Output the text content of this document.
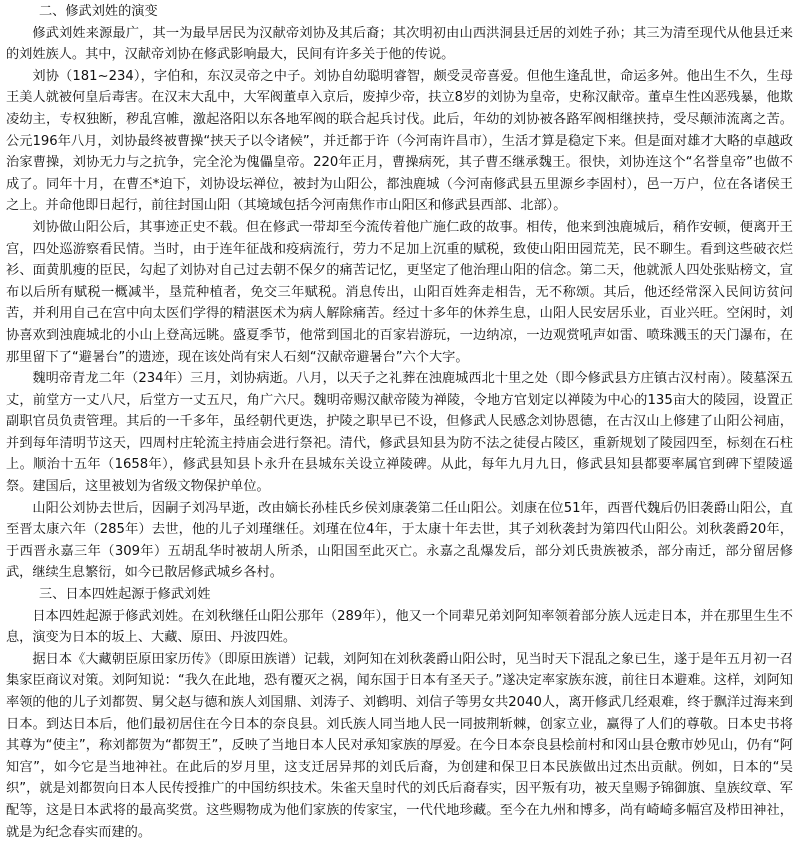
二、修武刘姓的演变

修武刘姓来源最广，其一为最早居民为汉献帝刘协及其后裔；其次明初由山西洪洞县迁居的刘姓子孙；其三为清至现代从他县迁来的刘姓族人。其中，汉献帝刘协在修武影响最大，民间有许多关于他的传说。

刘协（181~234），字伯和，东汉灵帝之中子。刘协自幼聪明睿智，颇受灵帝喜爱。但他生逢乱世，命运多舛。他出生不久，生母王美人就被何皇后毒害。在汉末大乱中，大军阀董卓入京后，废掉少帝，扶立8岁的刘协为皇帝，史称汉献帝。董卓生性凶恶残暴，他欺凌幼主，专权独断，秽乱宫帷，激起洛阳以东各地军阀的联合起兵讨伐。此后，年幼的刘协被各路军阀相继挟持，受尽颠沛流离之苦。公元196年八月，刘协最终被曹操“挟天子以令诸候”，并迁都于许（今河南许昌市），生活才算是稳定下来。但是面对雄才大略的卓越政治家曹操，刘协无力与之抗争，完全沦为傀儡皇帝。220年正月，曹操病死，其子曹丕继承魏王。很快，刘协连这个“名誉皇帝”也做不成了。同年十月，在曹丕*迫下，刘协设坛禅位，被封为山阳公，都浊鹿城（今河南修武县五里源乡李固村），邑一万户，位在各诸侯王之上。并命他即日起行，前往封国山阳（其境域包括今河南焦作市山阳区和修武县西部、北部）。

刘协做山阳公后，其事迹正史不载。但在修武一带却至今流传着他广施仁政的故事。相传，他来到浊鹿城后，稍作安顿，便离开王宫，四处巡游察看民情。当时，由于连年征战和疫病流行，劳力不足加上沉重的赋税，致使山阳田园荒芜，民不聊生。看到这些破衣烂衫、面黄肌瘦的臣民，勾起了刘协对自己过去朝不保夕的痛苦记忆，更坚定了他治理山阳的信念。第二天，他就派人四处张贴榜文，宣布以后所有赋税一概减半，垦荒种植者，免交三年赋税。消息传出，山阳百姓奔走相告，无不称颂。其后，他还经常深入民间访贫问苦，并利用自己在宫中向太医们学得的精湛医术为病人解除痛苦。经过十多年的休养生息，山阳人民安居乐业，百业兴旺。空闲时，刘协喜欢到浊鹿城北的小山上登高远眺。盛夏季节，他常到国北的百家岩游玩，一边纳凉，一边观赏吼声如雷、喷珠溅玉的天门瀑布，在那里留下了“避暑台”的遗迹，现在该处尚有宋人石刻“汉献帝避暑台”六个大字。

魏明帝青龙二年（234年）三月，刘协病逝。八月，以天子之礼葬在浊鹿城西北十里之处（即今修武县方庄镇古汉村南）。陵墓深五丈，前堂方一丈八尺，后堂方一丈五尺，角广六尺。魏明帝赐汉献帝陵为禅陵，令地方官划定以禅陵为中心的135亩大的陵园，设置正副职官员负责管理。其后的一千多年，虽经朝代更迭，护陵之职早已不设，但修武人民感念刘协恩德，在古汉山上修建了山阳公祠庙，并到每年清明节这天，四周村庄轮流主持庙会进行祭祀。清代，修武县知县为防不法之徒侵占陵区，重新规划了陵园四至，标刻在石柱上。顺治十五年（1658年），修武县知县卜永升在县城东关设立禅陵碑。从此，每年九月九日，修武县知县都要率属官到碑下望陵遥祭。建国后，这里被划为省级文物保护单位。

山阳公刘协去世后，因嗣子刘冯早逝，改由嫡长孙桂氏乡侯刘康袭第二任山阳公。刘康在位51年，西晋代魏后仍旧袭爵山阳公，直至晋太康六年（285年）去世，他的儿子刘瑾继任。刘瑾在位4年，于太康十年去世，其子刘秋袭封为第四代山阳公。刘秋袭爵20年，于西晋永嘉三年（309年）五胡乱华时被胡人所杀，山阳国至此灭亡。永嘉之乱爆发后，部分刘氏贵族被杀，部分南迁，部分留居修武，继续生息繁衍，如今已散居修武城乡各村。

三、日本四姓起源于修武刘姓

日本四姓起源于修武刘姓。在刘秋继任山阳公那年（289年），他又一个同辈兄弟刘阿知率领着部分族人远走日本，并在那里生生不息，演变为日本的坂上、大藏、原田、丹波四姓。

据日本《大藏朝臣原田家历传》（即原田族谱）记载，刘阿知在刘秋袭爵山阳公时，见当时天下混乱之象已生，遂于是年五月初一召集家臣商议对策。刘阿知说：“我久在此地，恐有覆灭之祸，闻东国于日本有圣天子。”遂决定率家族东渡，前往日本避难。这样，刘阿知率领的他的儿子刘都贺、舅父赵与德和族人刘国鼎、刘涛子、刘鹤明、刘信子等男女共2040人，离开修武几经艰难，终于飘洋过海来到日本。到达日本后，他们最初居住在今日本的奈良县。刘氏族人同当地人民一同披荆斩棘，创家立业，赢得了人们的尊敬。日本史书将其尊为“使主”，称刘都贺为“都贺王”，反映了当地日本人民对承知家族的厚爱。在今日本奈良县桧前村和冈山县仓敷市妙见山，仍有“阿知宫”，如今它是当地神社。在此后的岁月里，这支迁居异邦的刘氏后裔，为创建和保卫日本民族做出过杰出贡献。例如，日本的“吴织”，就是刘都贺向日本人民传授推广的中国纺织技术。朱雀天皇时代的刘氏后裔春实，因平叛有功，被天皇赐予锦御旗、皇族纹章、军配等，这是日本武将的最高奖赏。这些赐物成为他们家族的传家宝，一代代地珍藏。至今在九州和博多，尚有崎崎多幅宫及栉田神社，就是为纪念春实而建的。
